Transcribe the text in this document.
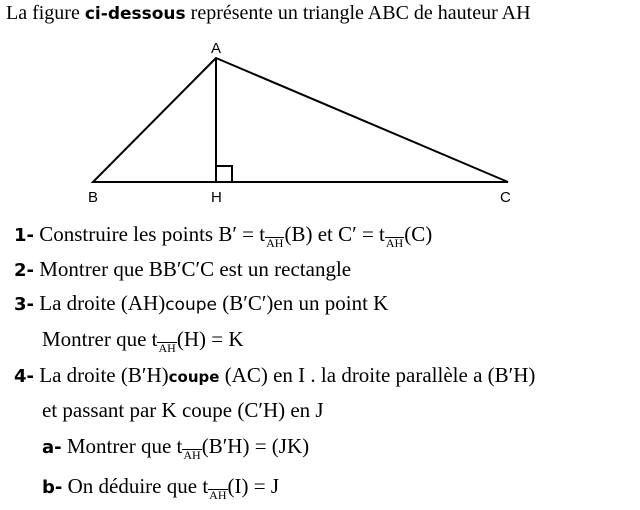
La figure ci-dessous représente un triangle ABC de hauteur AH
A
B	H	C
1- Construire les points B′ = tAH(B) et C′ = tAH(C)
2- Montrer que BB′C′C est un rectangle
3- La droite (AH)coupe (B′C′)en un point K
Montrer que tAH(H) = K
4- La droite (B′H)coupe (AC) en I . la droite parallèle a (B′H)
et passant par K coupe (C′H) en J
a- Montrer que tAH(B′H) = (JK)
b- On déduire que tAH(I) = J
